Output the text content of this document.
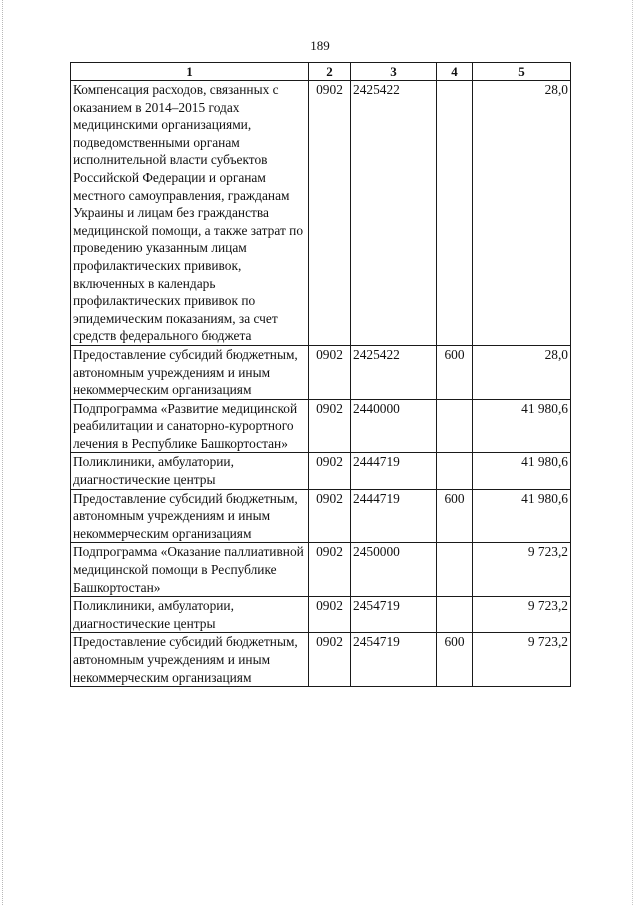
189
1	2	3	4	5
Компенсация расходов, связанных с оказанием в 2014–2015 годах медицинскими организациями, подведомственными органам исполнительной власти субъектов Российской Федерации и органам местного самоуправления, гражданам Украины и лицам без гражданства медицинской помощи, а также затрат по проведению указанным лицам профилактических прививок, включенных в календарь профилактических прививок по эпидемическим показаниям, за счет средств федерального бюджета	0902	2425422		28,0
Предоставление субсидий бюджетным, автономным учреждениям и иным некоммерческим организациям	0902	2425422	600	28,0
Подпрограмма «Развитие медицинской реабилитации и санаторно-курортного лечения в Республике Башкортостан»	0902	2440000		41 980,6
Поликлиники, амбулатории, диагностические центры	0902	2444719		41 980,6
Предоставление субсидий бюджетным, автономным учреждениям и иным некоммерческим организациям	0902	2444719	600	41 980,6
Подпрограмма «Оказание паллиативной медицинской помощи в Республике Башкортостан»	0902	2450000		9 723,2
Поликлиники, амбулатории, диагностические центры	0902	2454719		9 723,2
Предоставление субсидий бюджетным, автономным учреждениям и иным некоммерческим организациям	0902	2454719	600	9 723,2
